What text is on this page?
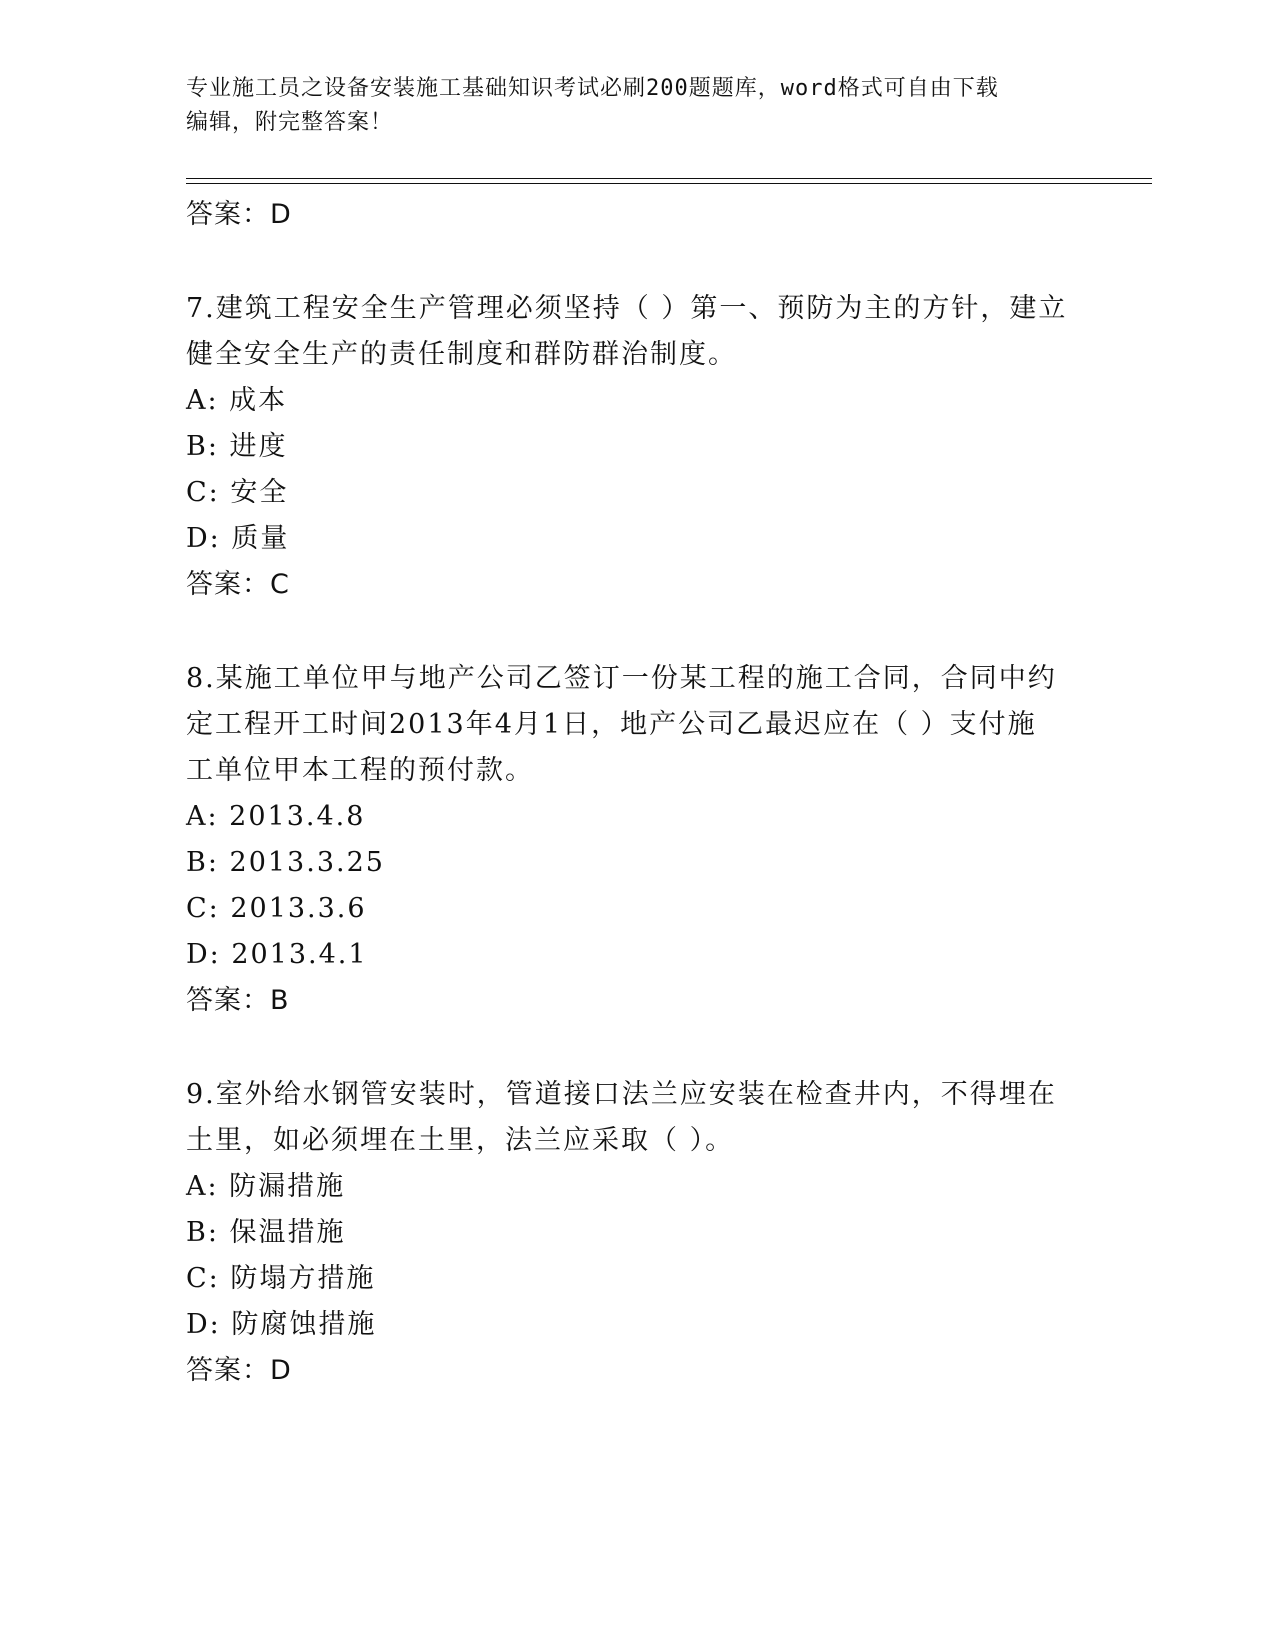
专业施工员之设备安装施工基础知识考试必刷200题题库，word格式可自由下载
编辑，附完整答案！
答案：D
7.建筑工程安全生产管理必须坚持（ ）第一、预防为主的方针，建立
健全安全生产的责任制度和群防群治制度。
A: 成本
B: 进度
C: 安全
D: 质量
答案：C
8.某施工单位甲与地产公司乙签订一份某工程的施工合同，合同中约
定工程开工时间2013年4月1日，地产公司乙最迟应在（ ）支付施
工单位甲本工程的预付款。
A: 2013.4.8
B: 2013.3.25
C: 2013.3.6
D: 2013.4.1
答案：B
9.室外给水钢管安装时，管道接口法兰应安装在检查井内，不得埋在
土里，如必须埋在土里，法兰应采取（ ）。
A: 防漏措施
B: 保温措施
C: 防塌方措施
D: 防腐蚀措施
答案：D
